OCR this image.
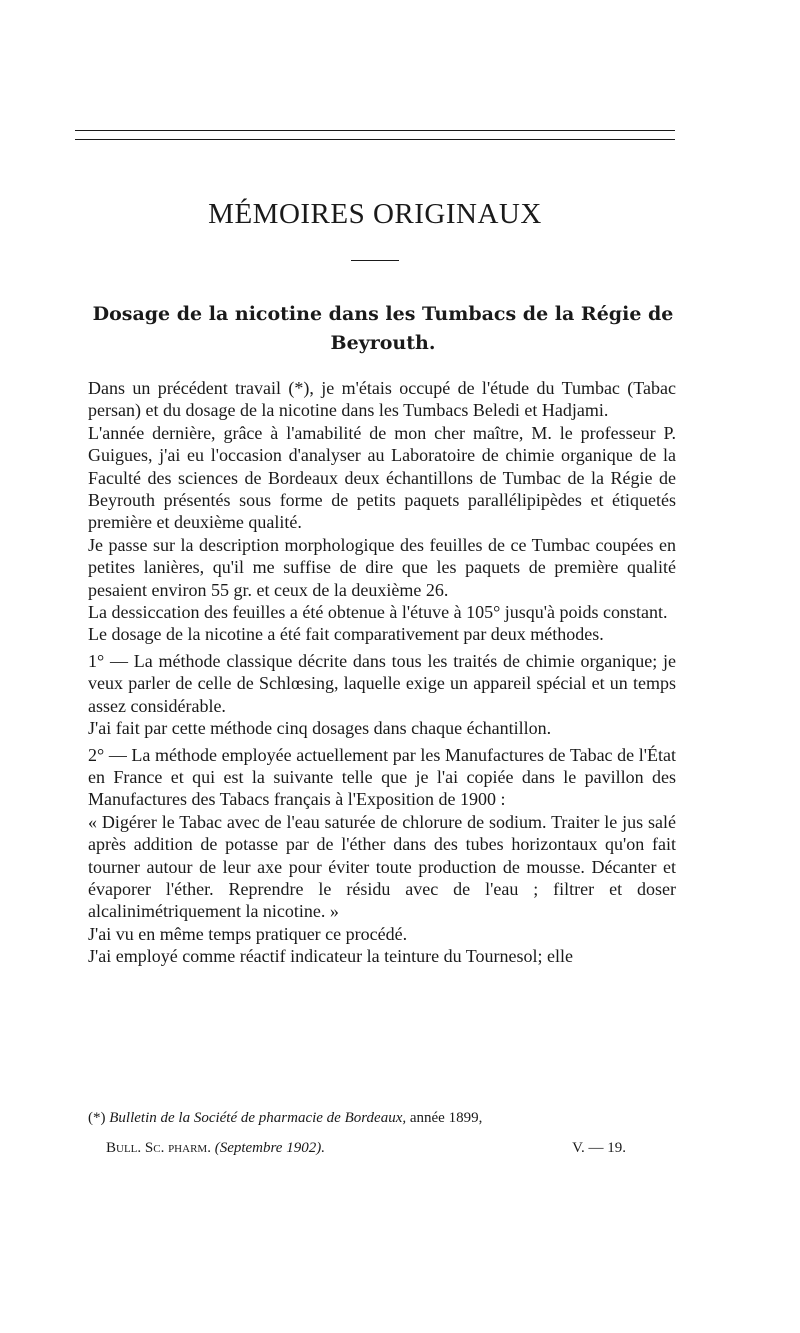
MÉMOIRES ORIGINAUX
Dosage de la nicotine dans les Tumbacs de la Régie de Beyrouth.

Dans un précédent travail (*), je m'étais occupé de l'étude du Tumbac (Tabac persan) et du dosage de la nicotine dans les Tumbacs Beledi et Hadjami.

L'année dernière, grâce à l'amabilité de mon cher maître, M. le professeur P. Guigues, j'ai eu l'occasion d'analyser au Laboratoire de chimie organique de la Faculté des sciences de Bordeaux deux échantillons de Tumbac de la Régie de Beyrouth présentés sous forme de petits paquets parallélipipèdes et étiquetés première et deuxième qualité.

Je passe sur la description morphologique des feuilles de ce Tumbac coupées en petites lanières, qu'il me suffise de dire que les paquets de première qualité pesaient environ 55 gr. et ceux de la deuxième 26.

La dessiccation des feuilles a été obtenue à l'étuve à 105° jusqu'à poids constant.

Le dosage de la nicotine a été fait comparativement par deux méthodes.

1° — La méthode classique décrite dans tous les traités de chimie organique; je veux parler de celle de Schlœsing, laquelle exige un appareil spécial et un temps assez considérable.

J'ai fait par cette méthode cinq dosages dans chaque échantillon.

2° — La méthode employée actuellement par les Manufactures de Tabac de l'État en France et qui est la suivante telle que je l'ai copiée dans le pavillon des Manufactures des Tabacs français à l'Exposition de 1900 :

« Digérer le Tabac avec de l'eau saturée de chlorure de sodium. Traiter le jus salé après addition de potasse par de l'éther dans des tubes horizontaux qu'on fait tourner autour de leur axe pour éviter toute production de mousse. Décanter et évaporer l'éther. Reprendre le résidu avec de l'eau ; filtrer et doser alcalinimétriquement la nicotine. »

J'ai vu en même temps pratiquer ce procédé.

J'ai employé comme réactif indicateur la teinture du Tournesol; elle

(*) Bulletin de la Société de pharmacie de Bordeaux, année 1899,
Bull. Sc. pharm. (Septembre 1902).	V. — 19.
